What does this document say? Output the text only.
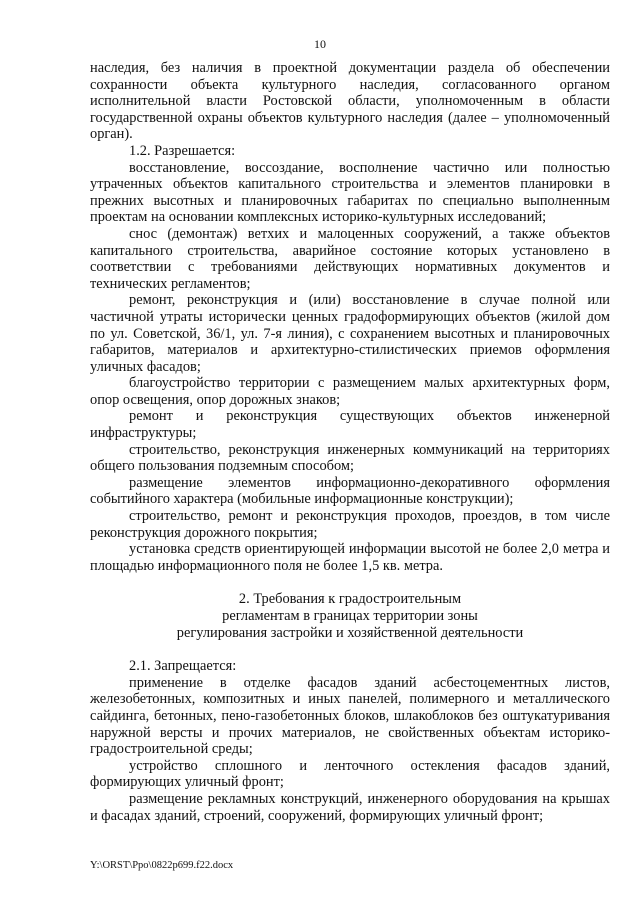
10

наследия, без наличия в проектной документации раздела об обеспечении сохранности объекта культурного наследия, согласованного органом исполнительной власти Ростовской области, уполномоченным в области государственной охраны объектов культурного наследия (далее – уполномоченный орган).

1.2. Разрешается:

восстановление, воссоздание, восполнение частично или полностью утраченных объектов капитального строительства и элементов планировки в прежних высотных и планировочных габаритах по специально выполненным проектам на основании комплексных историко-культурных исследований;

снос (демонтаж) ветхих и малоценных сооружений, а также объектов капитального строительства, аварийное состояние которых установлено в соответствии с требованиями действующих нормативных документов и технических регламентов;

ремонт, реконструкция и (или) восстановление в случае полной или частичной утраты исторически ценных градоформирующих объектов (жилой дом по ул. Советской, 36/1, ул. 7-я линия), с сохранением высотных и планировочных габаритов, материалов и архитектурно-стилистических приемов оформления уличных фасадов;

благоустройство территории с размещением малых архитектурных форм, опор освещения, опор дорожных знаков;

ремонт и реконструкция существующих объектов инженерной инфраструктуры;

строительство, реконструкция инженерных коммуникаций на территориях общего пользования подземным способом;

размещение элементов информационно-декоративного оформления событийного характера (мобильные информационные конструкции);

строительство, ремонт и реконструкция проходов, проездов, в том числе реконструкция дорожного покрытия;

установка средств ориентирующей информации высотой не более 2,0 метра и площадью информационного поля не более 1,5 кв. метра.

2. Требования к градостроительным

регламентам в границах территории зоны

регулирования застройки и хозяйственной деятельности

2.1. Запрещается:

применение в отделке фасадов зданий асбестоцементных листов, железобетонных, композитных и иных панелей, полимерного и металлического сайдинга, бетонных, пено-газобетонных блоков, шлакоблоков без оштукатуривания наружной версты и прочих материалов, не свойственных объектам историко-градостроительной среды;

устройство сплошного и ленточного остекления фасадов зданий, формирующих уличный фронт;

размещение рекламных конструкций, инженерного оборудования на крышах и фасадах зданий, строений, сооружений, формирующих уличный фронт;

Y:\ORST\Ppo\0822p699.f22.docx
